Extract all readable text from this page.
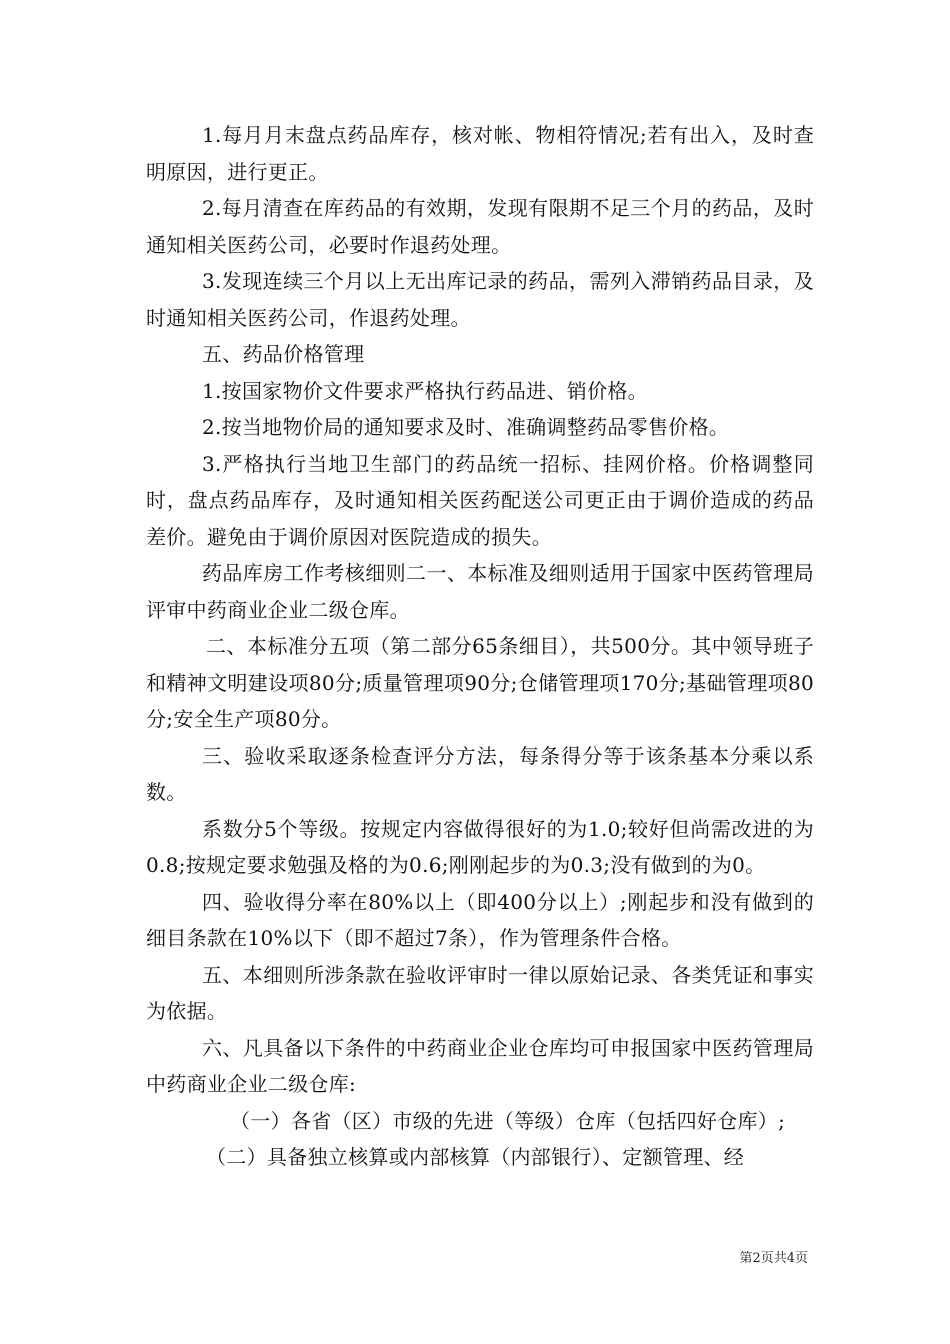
1.每月月末盘点药品库存，核对帐、物相符情况;若有出入，及时查明原因，进行更正。

2.每月清查在库药品的有效期，发现有限期不足三个月的药品，及时通知相关医药公司，必要时作退药处理。

3.发现连续三个月以上无出库记录的药品，需列入滞销药品目录，及时通知相关医药公司，作退药处理。

五、药品价格管理

1.按国家物价文件要求严格执行药品进、销价格。

2.按当地物价局的通知要求及时、准确调整药品零售价格。

3.严格执行当地卫生部门的药品统一招标、挂网价格。价格调整同时，盘点药品库存，及时通知相关医药配送公司更正由于调价造成的药品差价。避免由于调价原因对医院造成的损失。

药品库房工作考核细则二一、本标准及细则适用于国家中医药管理局评审中药商业企业二级仓库。

二、本标准分五项（第二部分65条细目），共500分。其中领导班子和精神文明建设项80分;质量管理项90分;仓储管理项170分;基础管理项80分;安全生产项80分。

三、验收采取逐条检查评分方法，每条得分等于该条基本分乘以系数。

系数分5个等级。按规定内容做得很好的为1.0;较好但尚需改进的为0.8;按规定要求勉强及格的为0.6;刚刚起步的为0.3;没有做到的为0。

四、验收得分率在80%以上（即400分以上）;刚起步和没有做到的细目条款在10%以下（即不超过7条），作为管理条件合格。

五、本细则所涉条款在验收评审时一律以原始记录、各类凭证和事实为依据。

六、凡具备以下条件的中药商业企业仓库均可申报国家中医药管理局中药商业企业二级仓库:

（一）各省（区）市级的先进（等级）仓库（包括四好仓库）;

（二）具备独立核算或内部核算（内部银行）、定额管理、经

第2页共4页
